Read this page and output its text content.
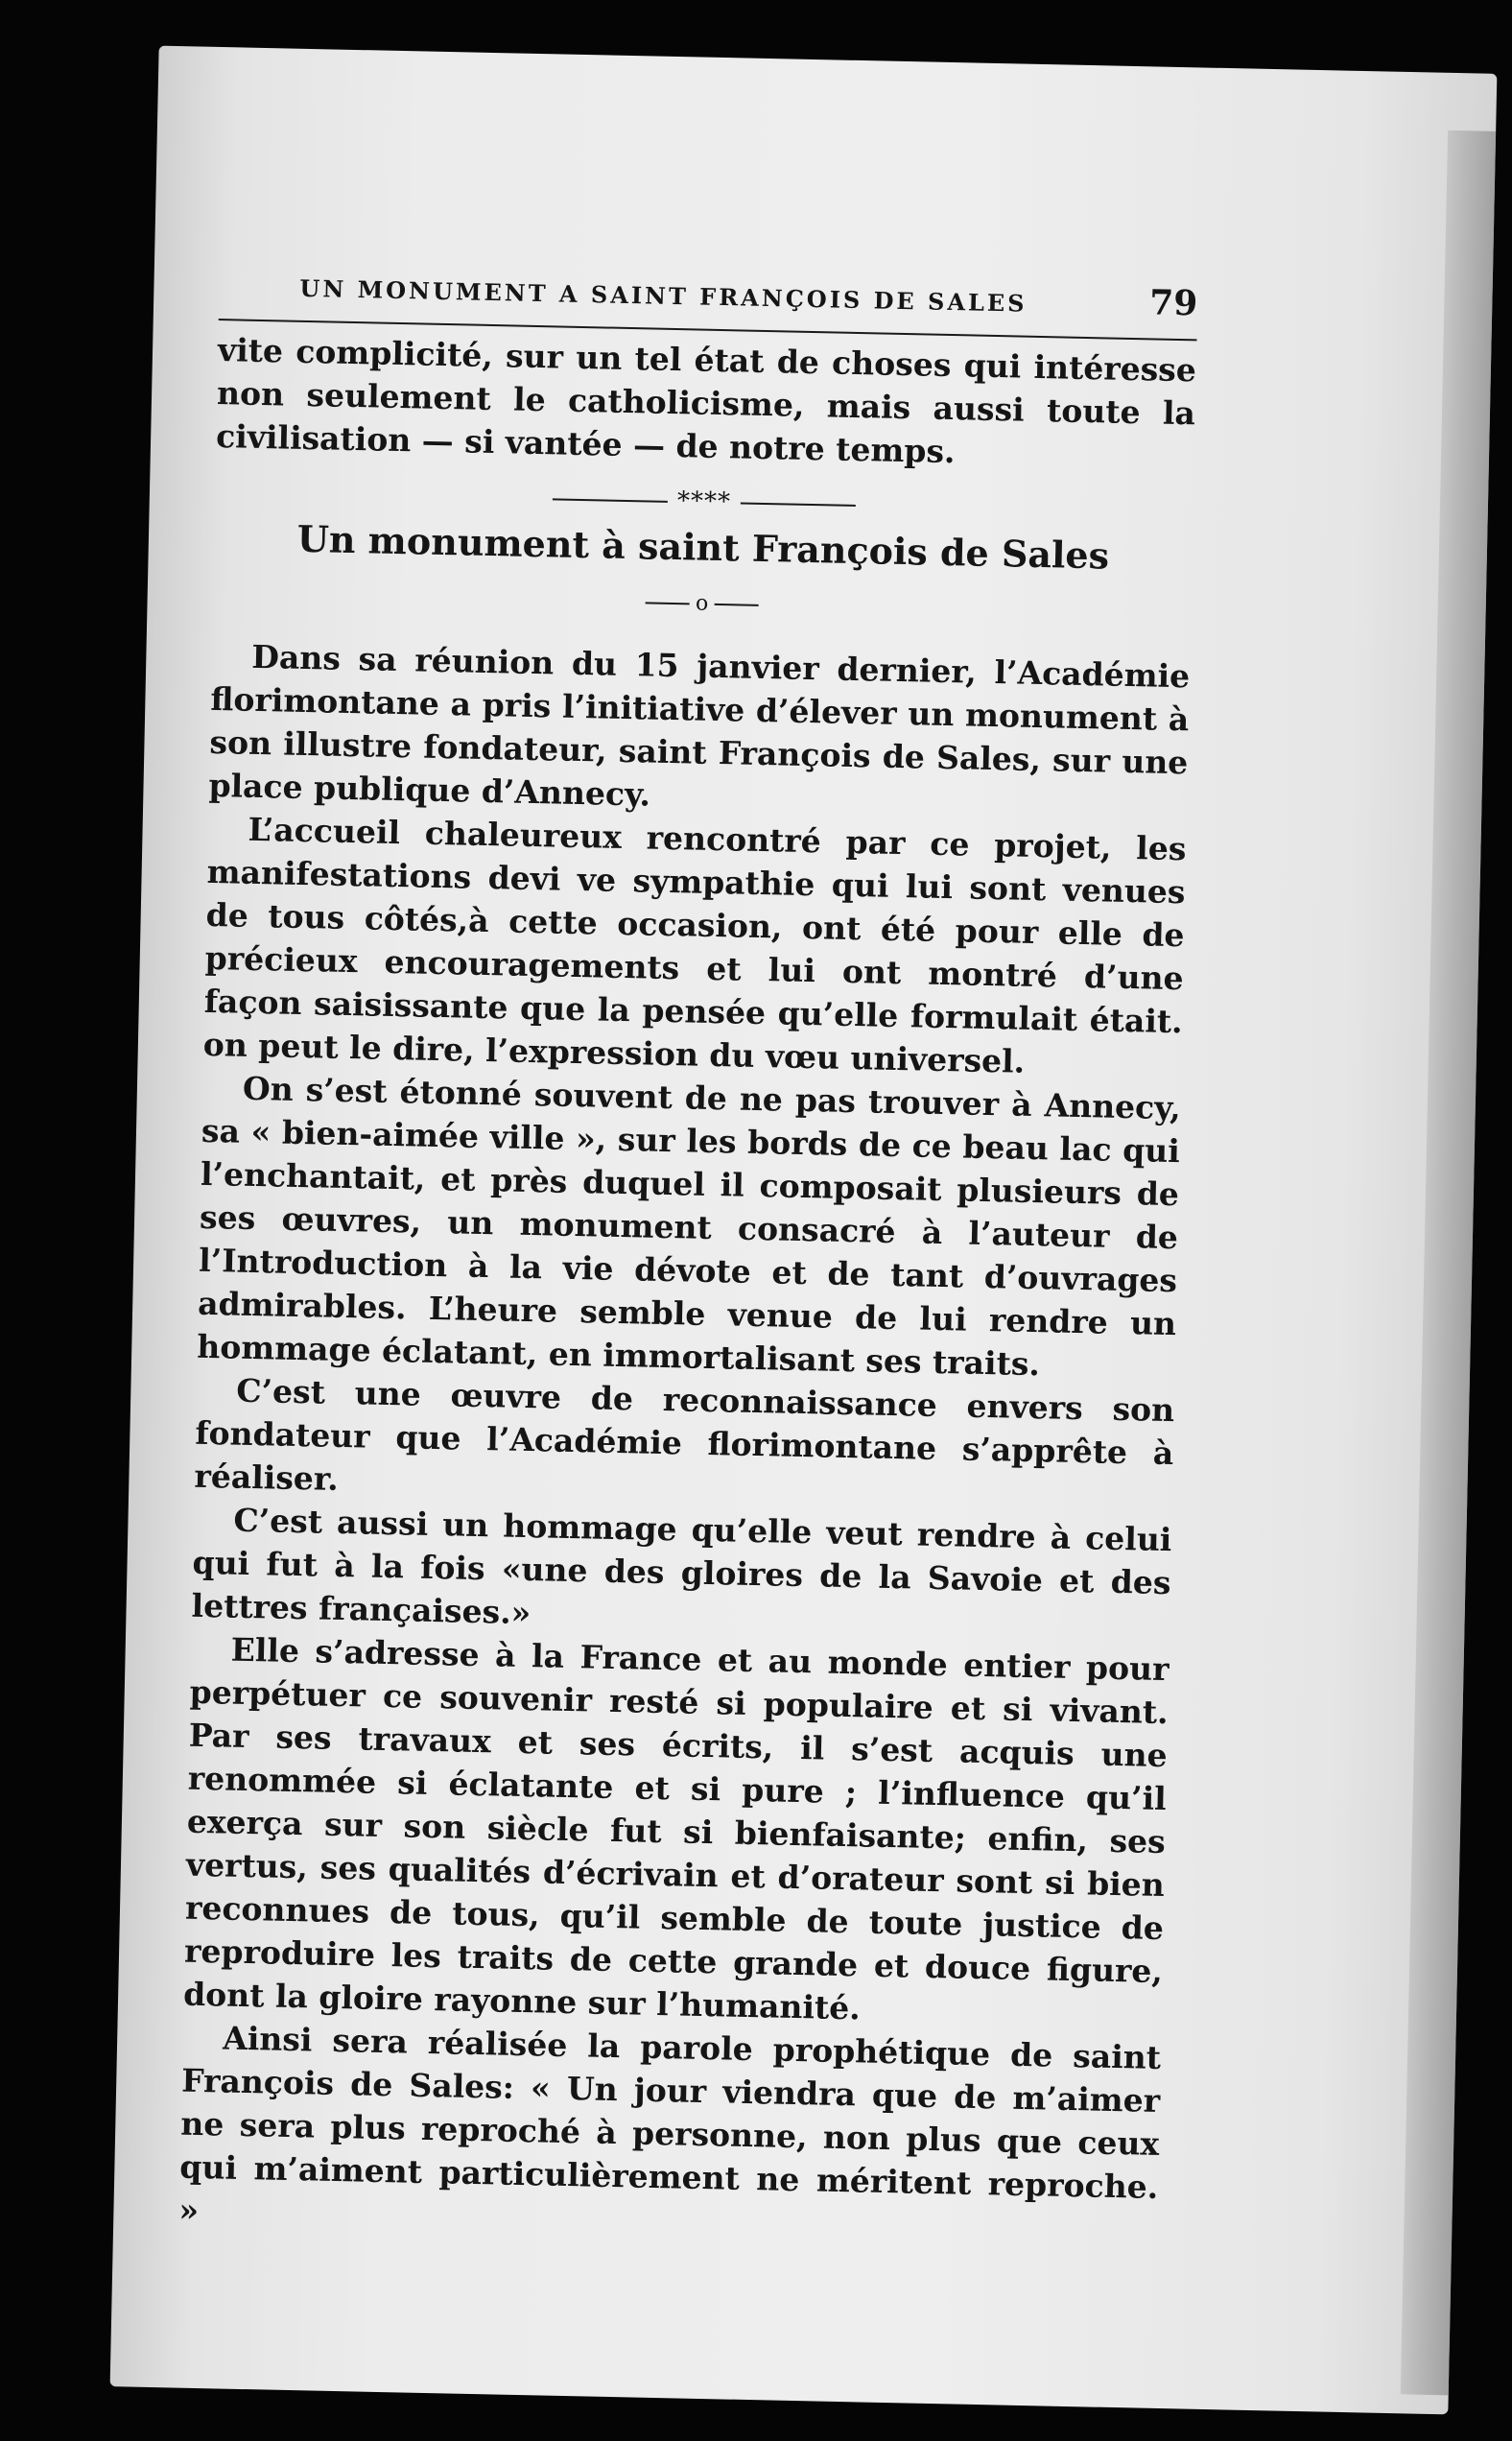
UN MONUMENT A SAINT FRANÇOIS DE SALES	79

vite complicité, sur un tel état de choses qui intéresse non seulement le catholicisme, mais aussi toute la civilisation — si vantée — de notre temps.

****
Un monument à saint François de Sales
o

Dans sa réunion du 15 janvier dernier, l’Académie florimontane a pris l’initiative d’élever un monument à son illustre fondateur, saint François de Sales, sur une place publique d’Annecy.

L’accueil chaleureux rencontré par ce projet, les manifestations devi ve sympathie qui lui sont venues de tous côtés,à cette occasion, ont été pour elle de précieux encouragements et lui ont montré d’une façon saisissante que la pensée qu’elle formulait était. on peut le dire, l’expression du vœu universel.

On s’est étonné souvent de ne pas trouver à Annecy, sa « bien-aimée ville », sur les bords de ce beau lac qui l’enchantait, et près duquel il composait plusieurs de ses œuvres, un monument consacré à l’auteur de l’Introduction à la vie dévote et de tant d’ouvrages admirables. L’heure semble venue de lui rendre un hommage éclatant, en immortalisant ses traits.

C’est une œuvre de reconnaissance envers son fondateur que l’Académie florimontane s’apprête à réaliser.

C’est aussi un hommage qu’elle veut rendre à celui qui fut à la fois «une des gloires de la Savoie et des lettres françaises.»

Elle s’adresse à la France et au monde entier pour perpétuer ce souvenir resté si populaire et si vivant. Par ses travaux et ses écrits, il s’est acquis une renommée si éclatante et si pure ; l’influence qu’il exerça sur son siècle fut si bienfaisante; enfin, ses vertus, ses qualités d’écrivain et d’orateur sont si bien reconnues de tous, qu’il semble de toute justice de reproduire les traits de cette grande et douce figure, dont la gloire rayonne sur l’humanité.

Ainsi sera réalisée la parole prophétique de saint François de Sales: « Un jour viendra que de m’aimer ne sera plus reproché à personne, non plus que ceux qui m’aiment particulièrement ne méritent reproche. »
